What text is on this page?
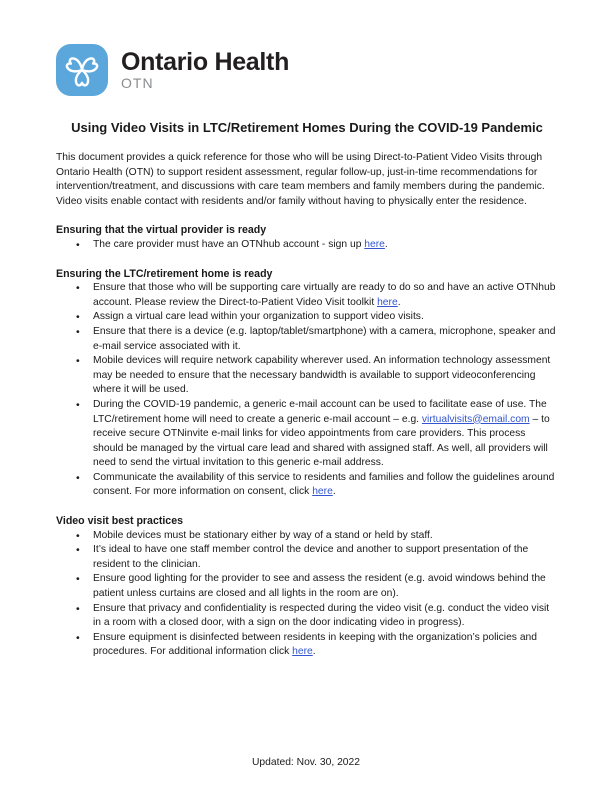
Ontario Health
OTN
Using Video Visits in LTC/Retirement Homes During the COVID-19 Pandemic

This document provides a quick reference for those who will be using Direct-to-Patient Video Visits through Ontario Health (OTN) to support resident assessment, regular follow-up, just-in-time recommendations for intervention/treatment, and discussions with care team members and family members during the pandemic. Video visits enable contact with residents and/or family without having to physically enter the residence.

Ensuring that the virtual provider is ready
• The care provider must have an OTNhub account - sign up here.
Ensuring the LTC/retirement home is ready
• Ensure that those who will be supporting care virtually are ready to do so and have an active OTNhub account. Please review the Direct-to-Patient Video Visit toolkit here.
• Assign a virtual care lead within your organization to support video visits.
• Ensure that there is a device (e.g. laptop/tablet/smartphone) with a camera, microphone, speaker and e-mail service associated with it.
• Mobile devices will require network capability wherever used. An information technology assessment may be needed to ensure that the necessary bandwidth is available to support videoconferencing where it will be used.
• During the COVID-19 pandemic, a generic e-mail account can be used to facilitate ease of use. The LTC/retirement home will need to create a generic e-mail account – e.g. virtualvisits@email.com – to receive secure OTNinvite e-mail links for video appointments from care providers. This process should be managed by the virtual care lead and shared with assigned staff. As well, all providers will need to send the virtual invitation to this generic e-mail address.
• Communicate the availability of this service to residents and families and follow the guidelines around consent. For more information on consent, click here.
Video visit best practices
• Mobile devices must be stationary either by way of a stand or held by staff.
• It’s ideal to have one staff member control the device and another to support presentation of the resident to the clinician.
• Ensure good lighting for the provider to see and assess the resident (e.g. avoid windows behind the patient unless curtains are closed and all lights in the room are on).
• Ensure that privacy and confidentiality is respected during the video visit (e.g. conduct the video visit in a room with a closed door, with a sign on the door indicating video in progress).
• Ensure equipment is disinfected between residents in keeping with the organization’s policies and procedures. For additional information click here.
Updated: Nov. 30, 2022
